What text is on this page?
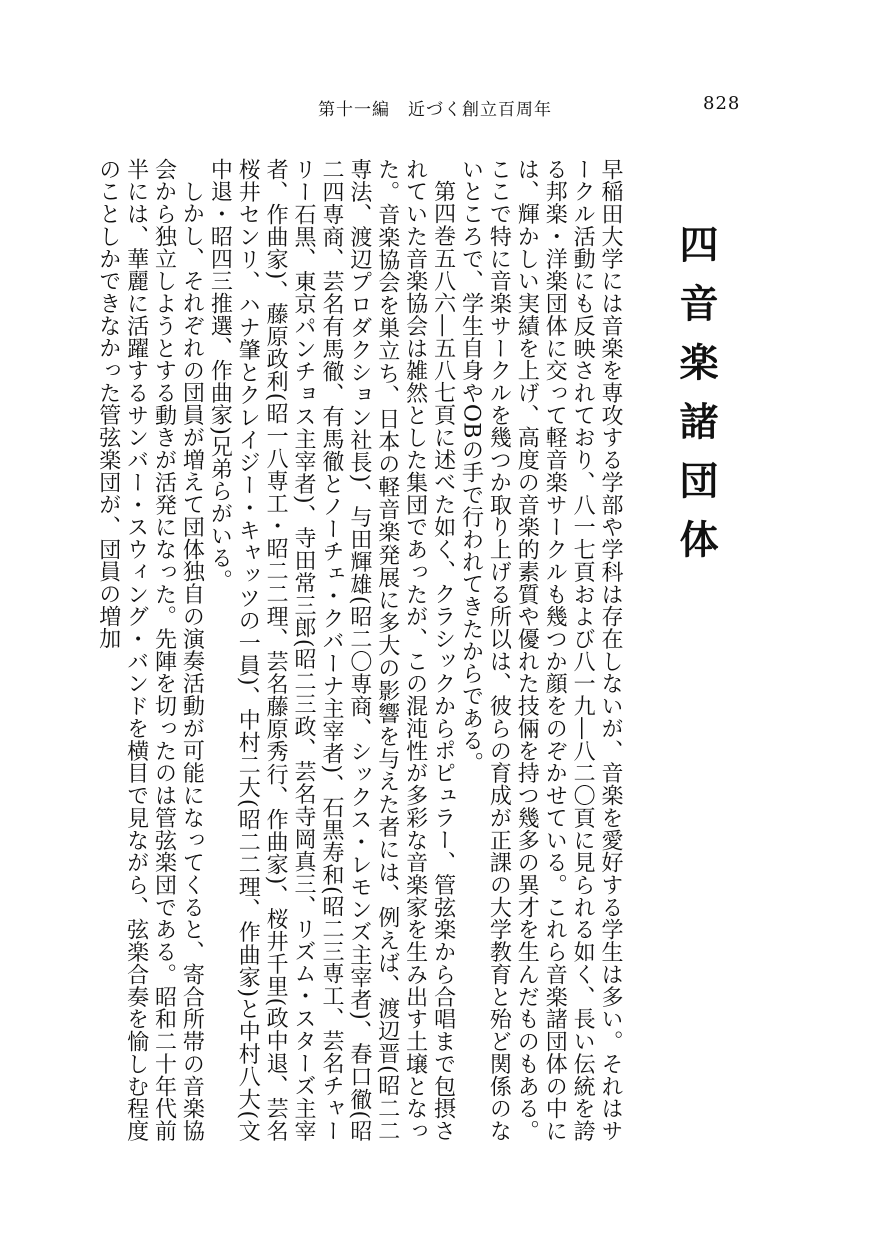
第十一編　近づく創立百周年	828
四音楽諸団体

早稲田大学には音楽を専攻する学部や学科は存在しないが、音楽を愛好する学生は多い。それはサークル活動にも反映されており、八一七頁および八一九―八二〇頁に見られる如く、長い伝統を誇る邦楽・洋楽団体に交って軽音楽サークルも幾つか顔をのぞかせている。これら音楽諸団体の中には、輝かしい実績を上げ、高度の音楽的素質や優れた技倆を持つ幾多の異才を生んだものもある。ここで特に音楽サークルを幾つか取り上げる所以は、彼らの育成が正課の大学教育と殆ど関係のないところで、学生自身やOBの手で行われてきたからである。

第四巻五八六―五八七頁に述べた如く、クラシックからポピュラー、管弦楽から合唱まで包摂されていた音楽協会は雑然とした集団であったが、この混沌性が多彩な音楽家を生み出す土壌となった。音楽協会を巣立ち、日本の軽音楽発展に多大の影響を与えた者には、例えば、渡辺晋(昭二二専法、渡辺プロダクション社長)、与田輝雄(昭二〇専商、シックス・レモンズ主宰者)、春口徹(昭二四専商、芸名有馬徹、有馬徹とノーチェ・クバーナ主宰者)、石黒寿和(昭二三専工、芸名チャーリー石黒、東京パンチョス主宰者)、寺田常三郎(昭二三政、芸名寺岡真三、リズム・スターズ主宰者、作曲家)、藤原政利(昭一八専工・昭二二理、芸名藤原秀行、作曲家)、桜井千里(政中退、芸名桜井センリ、ハナ肇とクレイジー・キャッツの一員)、中村二大(昭二二理、作曲家)と中村八大(文中退・昭四三推選、作曲家)兄弟らがいる。

しかし、それぞれの団員が増えて団体独自の演奏活動が可能になってくると、寄合所帯の音楽協会から独立しようとする動きが活発になった。先陣を切ったのは管弦楽団である。昭和二十年代前半には、華麗に活躍するサンバー・スウィング・バンドを横目で見ながら、弦楽合奏を愉しむ程度のことしかできなかった管弦楽団が、団員の増加
